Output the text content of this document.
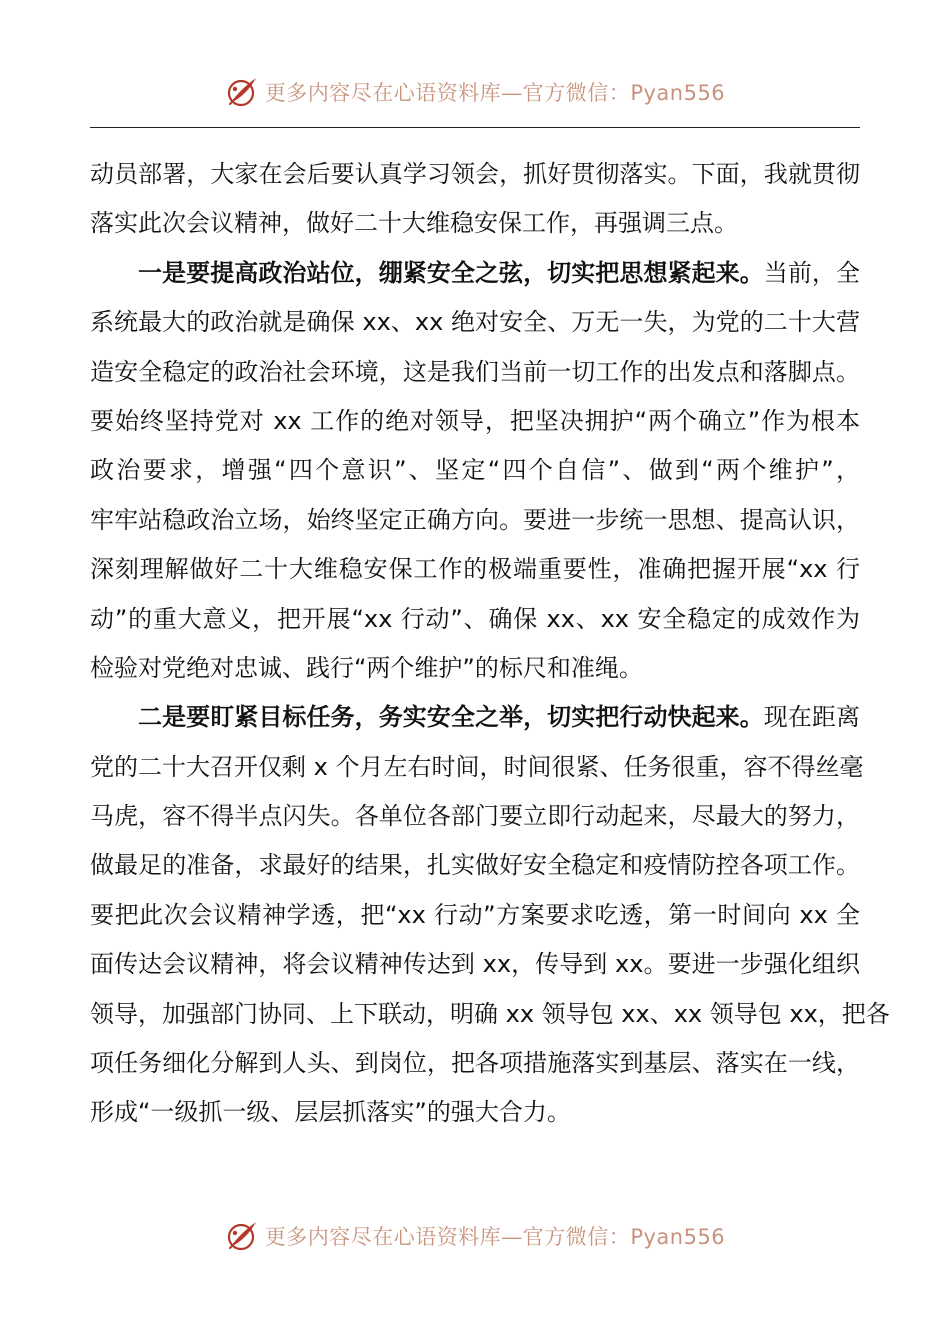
更多内容尽在心语资料库—官方微信：Pyan556
动员部署，大家在会后要认真学习领会，抓好贯彻落实。下面，我就贯彻
落实此次会议精神，做好二十大维稳安保工作，再强调三点。
一是要提高政治站位，绷紧安全之弦，切实把思想紧起来。当前，全
系统最大的政治就是确保 xx、xx 绝对安全、万无一失，为党的二十大营
造安全稳定的政治社会环境，这是我们当前一切工作的出发点和落脚点。
要始终坚持党对 xx 工作的绝对领导，把坚决拥护“两个确立”作为根本
政治要求，增强“四个意识”、坚定“四个自信”、做到“两个维护”，
牢牢站稳政治立场，始终坚定正确方向。要进一步统一思想、提高认识，
深刻理解做好二十大维稳安保工作的极端重要性，准确把握开展“xx 行
动”的重大意义，把开展“xx 行动”、确保 xx、xx 安全稳定的成效作为
检验对党绝对忠诚、践行“两个维护”的标尺和准绳。
二是要盯紧目标任务，务实安全之举，切实把行动快起来。现在距离
党的二十大召开仅剩 x 个月左右时间，时间很紧、任务很重，容不得丝毫
马虎，容不得半点闪失。各单位各部门要立即行动起来，尽最大的努力，
做最足的准备，求最好的结果，扎实做好安全稳定和疫情防控各项工作。
要把此次会议精神学透，把“xx 行动”方案要求吃透，第一时间向 xx 全
面传达会议精神，将会议精神传达到 xx，传导到 xx。要进一步强化组织
领导，加强部门协同、上下联动，明确 xx 领导包 xx、xx 领导包 xx，把各
项任务细化分解到人头、到岗位，把各项措施落实到基层、落实在一线，
形成“一级抓一级、层层抓落实”的强大合力。
更多内容尽在心语资料库—官方微信：Pyan556
